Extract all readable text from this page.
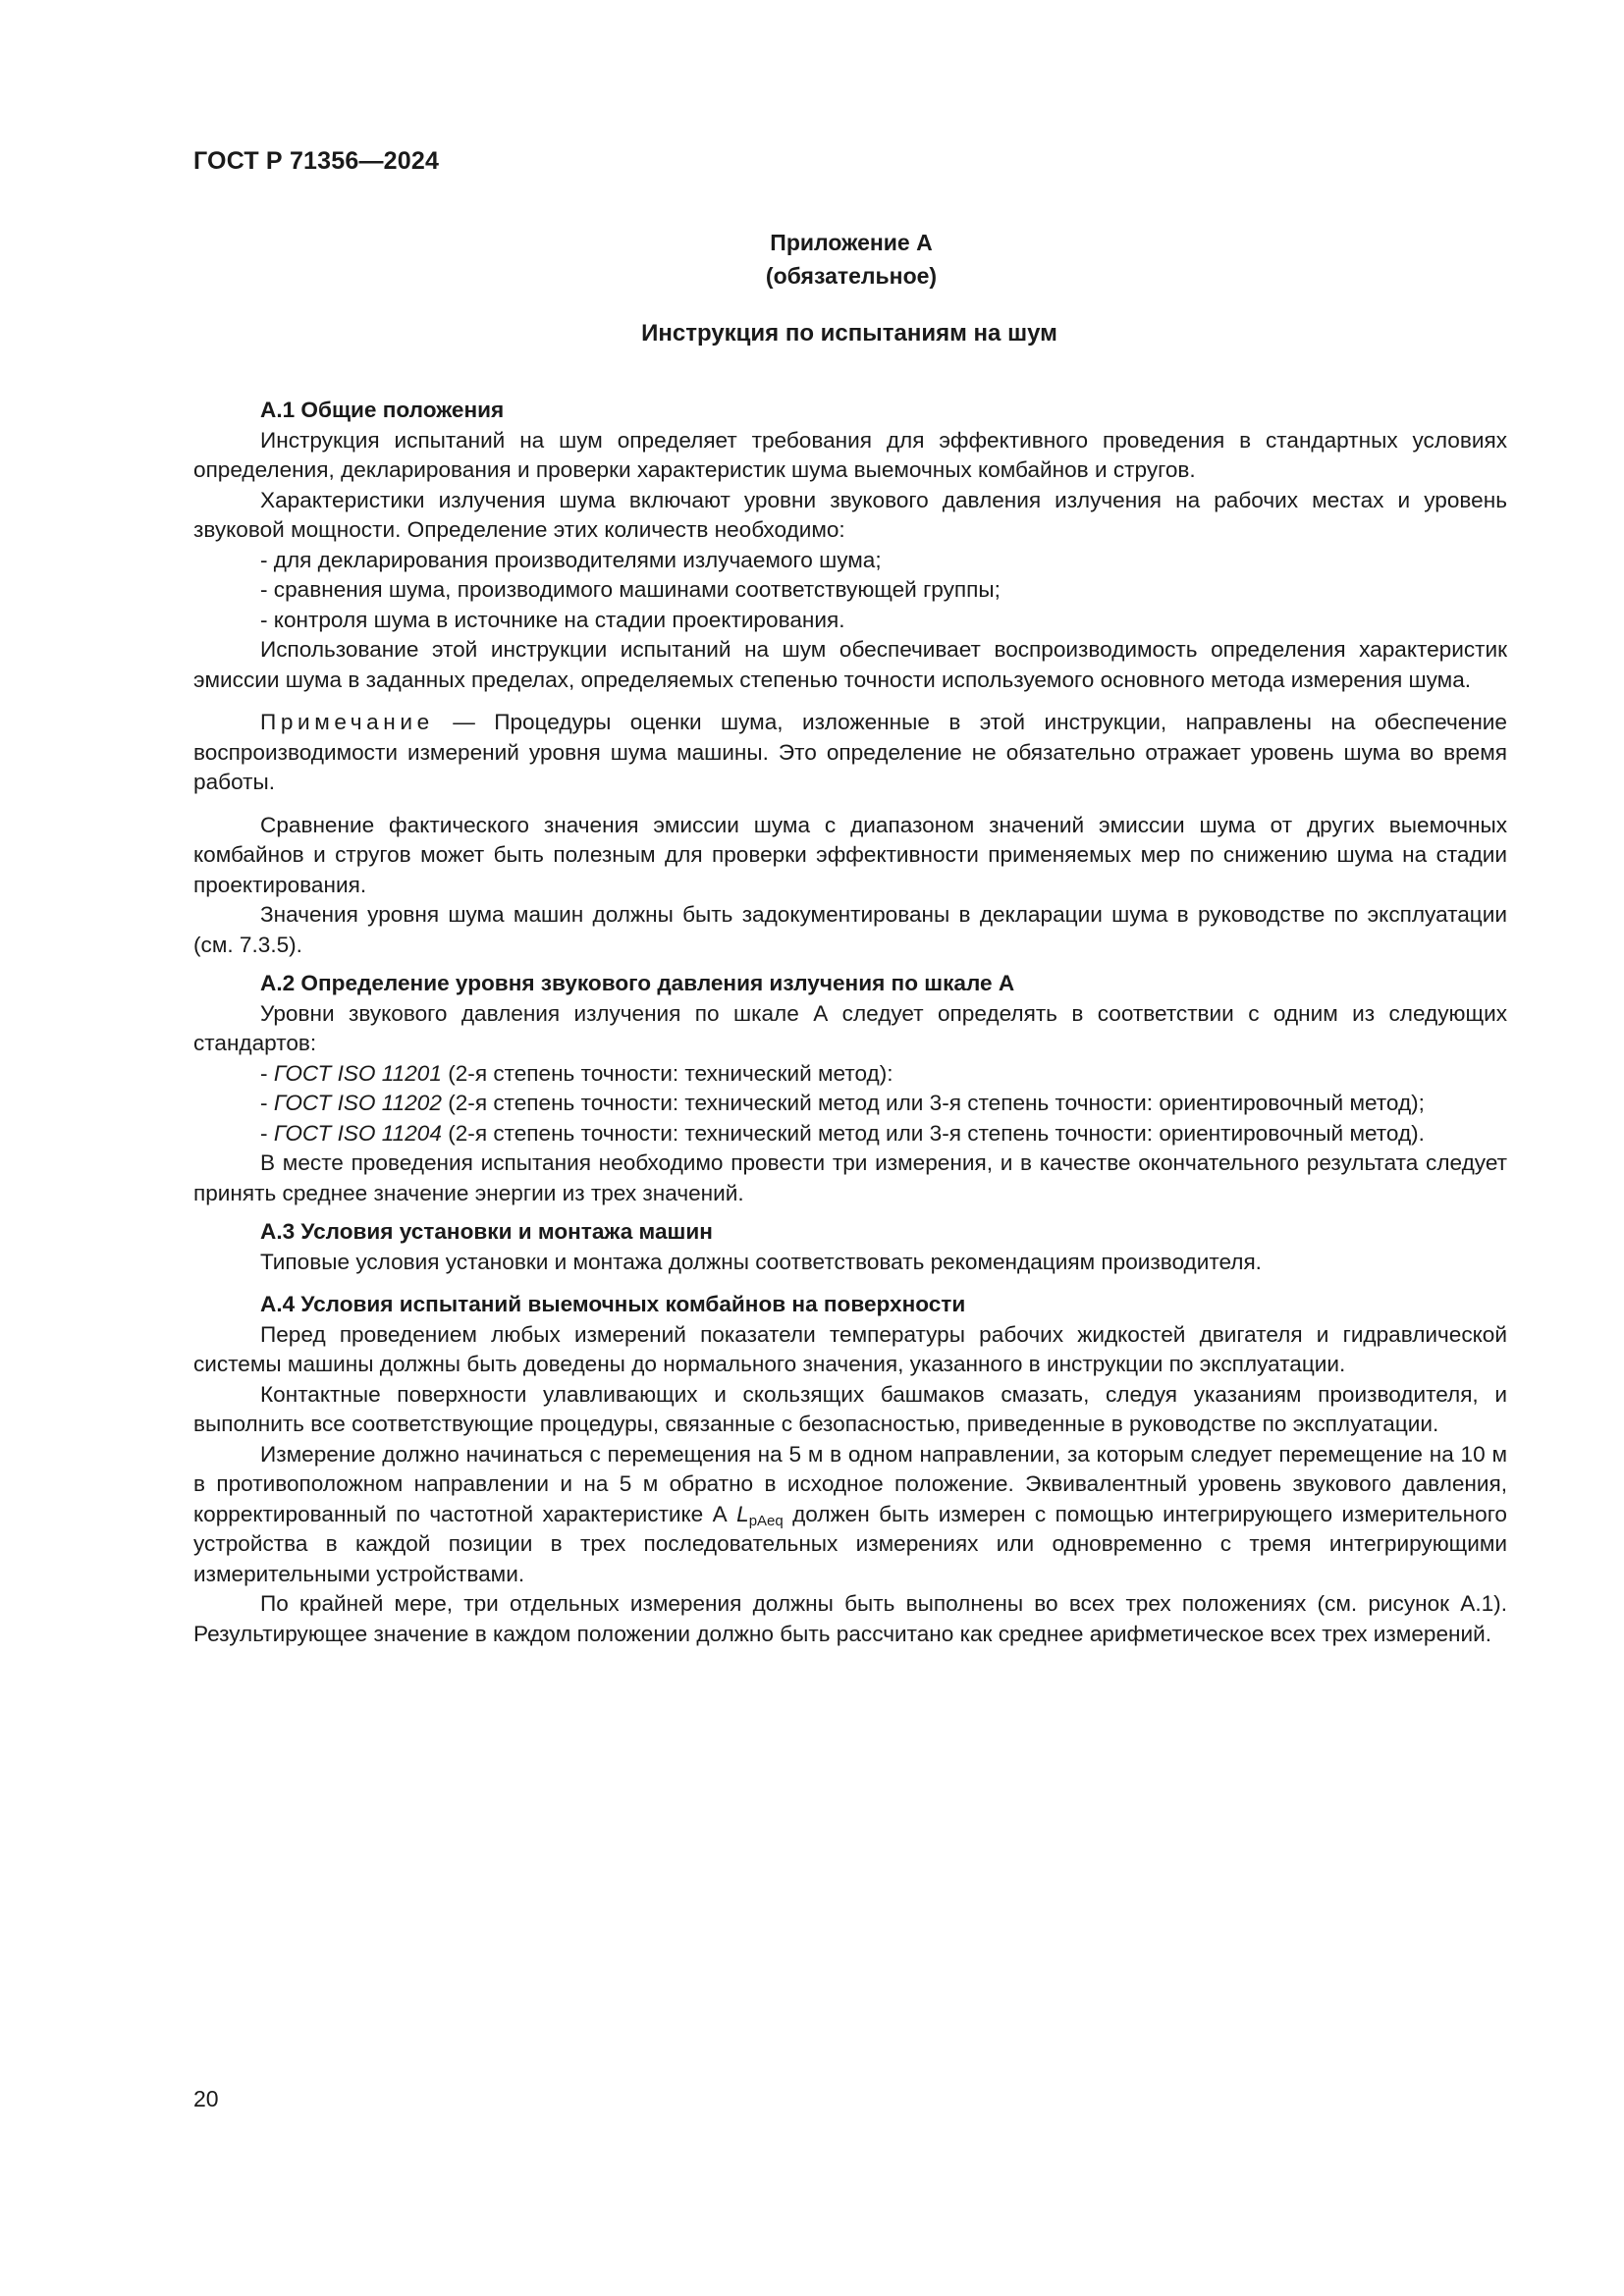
ГОСТ Р 71356—2024
Приложение А
(обязательное)
Инструкция по испытаниям на шум
А.1 Общие положения

Инструкция испытаний на шум определяет требования для эффективного проведения в стандартных условиях определения, декларирования и проверки характеристик шума выемочных комбайнов и стругов.

Характеристики излучения шума включают уровни звукового давления излучения на рабочих местах и уровень звуковой мощности. Определение этих количеств необходимо:

- для декларирования производителями излучаемого шума;

- сравнения шума, производимого машинами соответствующей группы;

- контроля шума в источнике на стадии проектирования.

Использование этой инструкции испытаний на шум обеспечивает воспроизводимость определения характеристик эмиссии шума в заданных пределах, определяемых степенью точности используемого основного метода измерения шума.

Примечание — Процедуры оценки шума, изложенные в этой инструкции, направлены на обеспечение воспроизводимости измерений уровня шума машины. Это определение не обязательно отражает уровень шума во время работы.

Сравнение фактического значения эмиссии шума с диапазоном значений эмиссии шума от других выемочных комбайнов и стругов может быть полезным для проверки эффективности применяемых мер по снижению шума на стадии проектирования.

Значения уровня шума машин должны быть задокументированы в декларации шума в руководстве по эксплуатации (см. 7.3.5).

А.2 Определение уровня звукового давления излучения по шкале А

Уровни звукового давления излучения по шкале А следует определять в соответствии с одним из следующих стандартов:

- ГОСТ ISO 11201 (2-я степень точности: технический метод):

- ГОСТ ISO 11202 (2-я степень точности: технический метод или 3-я степень точности: ориентировочный метод);

- ГОСТ ISO 11204 (2-я степень точности: технический метод или 3-я степень точности: ориентировочный метод).

В месте проведения испытания необходимо провести три измерения, и в качестве окончательного результата следует принять среднее значение энергии из трех значений.

А.3 Условия установки и монтажа машин

Типовые условия установки и монтажа должны соответствовать рекомендациям производителя.

А.4 Условия испытаний выемочных комбайнов на поверхности

Перед проведением любых измерений показатели температуры рабочих жидкостей двигателя и гидравлической системы машины должны быть доведены до нормального значения, указанного в инструкции по эксплуатации.

Контактные поверхности улавливающих и скользящих башмаков смазать, следуя указаниям производителя, и выполнить все соответствующие процедуры, связанные с безопасностью, приведенные в руководстве по эксплуатации.

Измерение должно начинаться с перемещения на 5 м в одном направлении, за которым следует перемещение на 10 м в противоположном направлении и на 5 м обратно в исходное положение. Эквивалентный уровень звукового давления, корректированный по частотной характеристике А $L_{pAeq}$ должен быть измерен с помощью интегрирующего измерительного устройства в каждой позиции в трех последовательных измерениях или одновременно с тремя интегрирующими измерительными устройствами.

По крайней мере, три отдельных измерения должны быть выполнены во всех трех положениях (см. рисунок А.1). Результирующее значение в каждом положении должно быть рассчитано как среднее арифметическое всех трех измерений.

20
